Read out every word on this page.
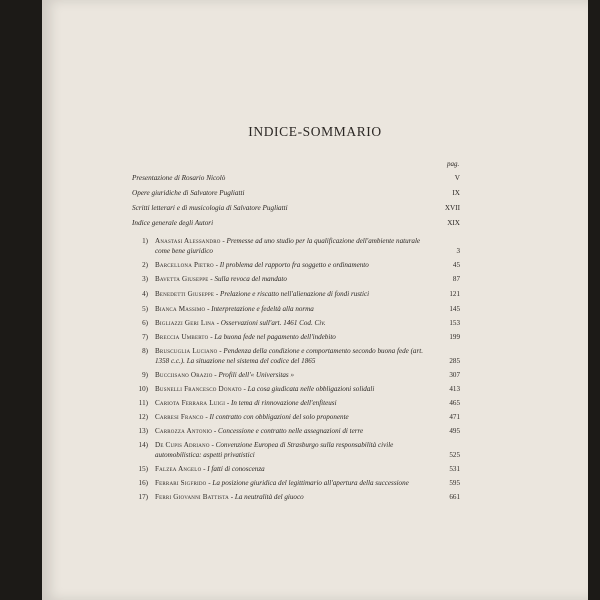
INDICE-SOMMARIO
pag.
Presentazione di Rosario Nicolò	V
Opere giuridiche di Salvatore Pugliatti	IX
Scritti letterari e di musicologia di Salvatore Pugliatti	XVII
Indice generale degli Autori	XIX
1) Anastasi Alessandro - Premesse ad uno studio per la qualificazione dell'ambiente naturale come bene giuridico	3
2) Barcellona Pietro - Il problema del rapporto fra soggetto e ordinamento	45
3) Bavetta Giuseppe - Sulla revoca del mandato	87
4) Benedetti Giuseppe - Prelazione e riscatto nell'alienazione di fondi rustici	121
5) Bianca Massimo - Interpretazione e fedeltà alla norma	145
6) Bigliazzi Geri Lina - Osservazioni sull'art. 1461 Cod. Civ.	153
7) Breccia Umberto - La buona fede nel pagamento dell'indebito	199
8) Bruscuglia Luciano - Pendenza della condizione e comportamento secondo buona fede (art. 1358 c.c.). La situazione nel sistema del codice del 1865	285
9) Bucciisano Orazio - Profili dell'« Universitas »	307
10) Busnelli Francesco Donato - La cosa giudicata nelle obbligazioni solidali	413
11) Cariota Ferrara Luigi - In tema di rinnovazione dell'enfiteusi	465
12) Carresi Franco - Il contratto con obbligazioni del solo proponente	471
13) Carrozza Antonio - Concessione e contratto nelle assegnazioni di terre	495
14) De Cupis Adriano - Convenzione Europea di Strasburgo sulla responsabilità civile automobilistica: aspetti privatistici	525
15) Falzea Angelo - I fatti di conoscenza	531
16) Ferrari Sigfrido - La posizione giuridica del legittimario all'apertura della successione	595
17) Ferri Giovanni Battista - La neutralità del giuoco	661
